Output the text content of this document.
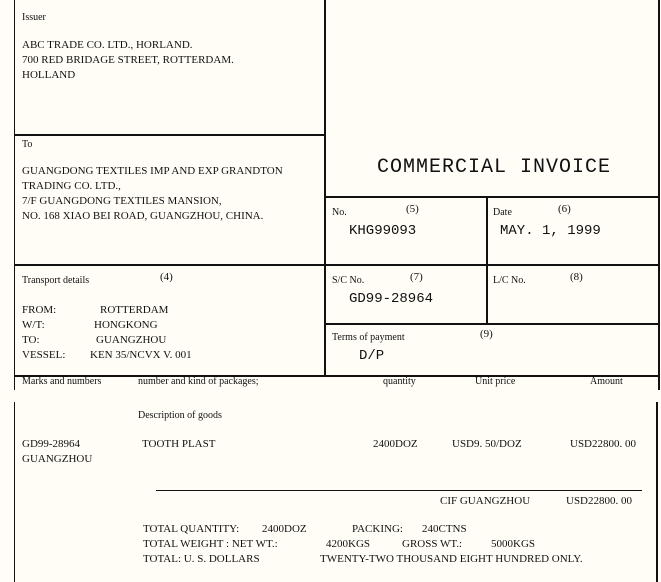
Issuer
ABC TRADE CO. LTD., HORLAND.
700 RED BRIDAGE STREET, ROTTERDAM.
HOLLAND
To
GUANGDONG TEXTILES IMP AND EXP GRANDTON
TRADING CO. LTD.,
7/F GUANGDONG TEXTILES MANSION,
NO. 168 XIAO BEI ROAD, GUANGZHOU, CHINA.
COMMERCIAL INVOICE
No.	(5)
KHG99093
Date	(6)
MAY. 1, 1999
Transport details	(4)
FROM:	ROTTERDAM
W/T:	HONGKONG
TO:	GUANGZHOU
VESSEL: KEN 35/NCVX V. 001
S/C No.	(7)
GD99-28964
L/C No.	(8)
Terms of payment	(9)
D/P
Marks and numbers	number and kind of packages;	quantity	Unit price	Amount
Description of goods
GD99-28964
GUANGZHOU
TOOTH PLAST	2400DOZ	USD9. 50/DOZ	USD22800. 00
CIF GUANGZHOU	USD22800. 00
TOTAL QUANTITY: 2400DOZ	PACKING: 240CTNS
TOTAL WEIGHT : NET WT.:	4200KGS	GROSS WT.:	5000KGS
TOTAL: U. S. DOLLARS	TWENTY-TWO THOUSAND EIGHT HUNDRED ONLY.
